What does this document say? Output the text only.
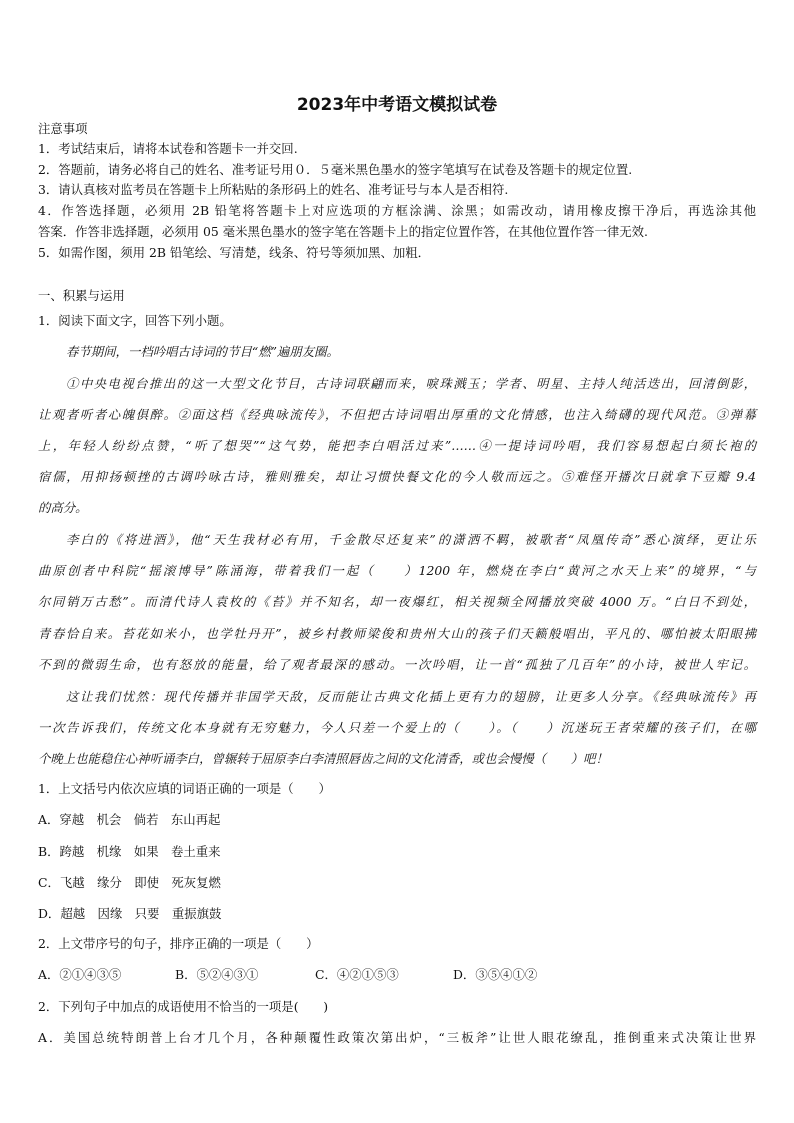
2023年中考语文模拟试卷
注意事项
1．考试结束后，请将本试卷和答题卡一并交回.
2．答题前，请务必将自己的姓名、准考证号用０．５毫米黑色墨水的签字笔填写在试卷及答题卡的规定位置.
3．请认真核对监考员在答题卡上所粘贴的条形码上的姓名、准考证号与本人是否相符.
4．作答选择题，必须用 2B 铅笔将答题卡上对应选项的方框涂满、涂黑；如需改动，请用橡皮擦干净后，再选涂其他
答案．作答非选择题，必须用 05 毫米黑色墨水的签字笔在答题卡上的指定位置作答，在其他位置作答一律无效.
5．如需作图，须用 2B 铅笔绘、写清楚，线条、符号等须加黑、加粗．
一、积累与运用
1．阅读下面文字，回答下列小题。
春节期间，一档吟唱古诗词的节目“燃”遍朋友圈。
①中央电视台推出的这一大型文化节目，古诗词联翩而来，唳珠溅玉；学者、明星、主持人纯活迭出，回清倒影，
让观者听者心魄俱醉。②面这档《经典咏流传》，不但把古诗词唱出厚重的文化情感，也注入绮礴的现代风范。③弹幕
上，年轻人纷纷点赞，“听了想哭”“这气势，能把李白唱活过来”……④一提诗词吟唱，我们容易想起白须长袍的
宿儒，用抑扬顿挫的古调吟咏古诗，雅则雅矣，却让习惯快餐文化的今人敬而远之。⑤难怪开播次日就拿下豆瓣 9.4
的高分。
李白的《将进酒》，他“天生我材必有用，千金散尽还复来”的潇洒不羁，被歌者“凤凰传奇”悉心演绎，更让乐
曲原创者中科院“摇滚博导”陈涌海，带着我们一起（　　）1200 年，燃烧在李白“黄河之水天上来”的境界，“与
尔同销万古愁”。而清代诗人袁枚的《苔》并不知名，却一夜爆红，相关视频全网播放突破 4000 万。“白日不到处，
青春恰自来。苔花如米小，也学牡丹开”，被乡村教师梁俊和贵州大山的孩子们天籁般唱出，平凡的、哪怕被太阳眼拂
不到的微弱生命，也有怒放的能量，给了观者最深的感动。一次吟唱，让一首“孤独了几百年”的小诗，被世人牢记。
这让我们忧然：现代传播并非国学天敌，反而能让古典文化插上更有力的翅膀，让更多人分享。《经典咏流传》再
一次告诉我们，传统文化本身就有无穷魅力，今人只差一个爱上的（　　）。（　　）沉迷玩王者荣耀的孩子们，在哪
个晚上也能稳住心神听诵李白，曾辗转于屈原李白李清照唇齿之间的文化清香，或也会慢慢（　　）吧！
1．上文括号内依次应填的词语正确的一项是（　　）
A．穿越　机会　倘若　东山再起
B．跨越　机缘　如果　卷土重来
C．飞越　缘分　即使　死灰复燃
D．超越　因缘　只要　重振旗鼓
2．上文带序号的句子，排序正确的一项是（　　）
A．②①④③⑤	B．⑤②④③①	C．④②①⑤③	D．③⑤④①②
2．下列句子中加点的成语使用不恰当的一项是(　　)
A．美国总统特朗普上台才几个月，各种颠覆性政策次第出炉，“三板斧”让世人眼花缭乱，推倒重来式决策让世界
